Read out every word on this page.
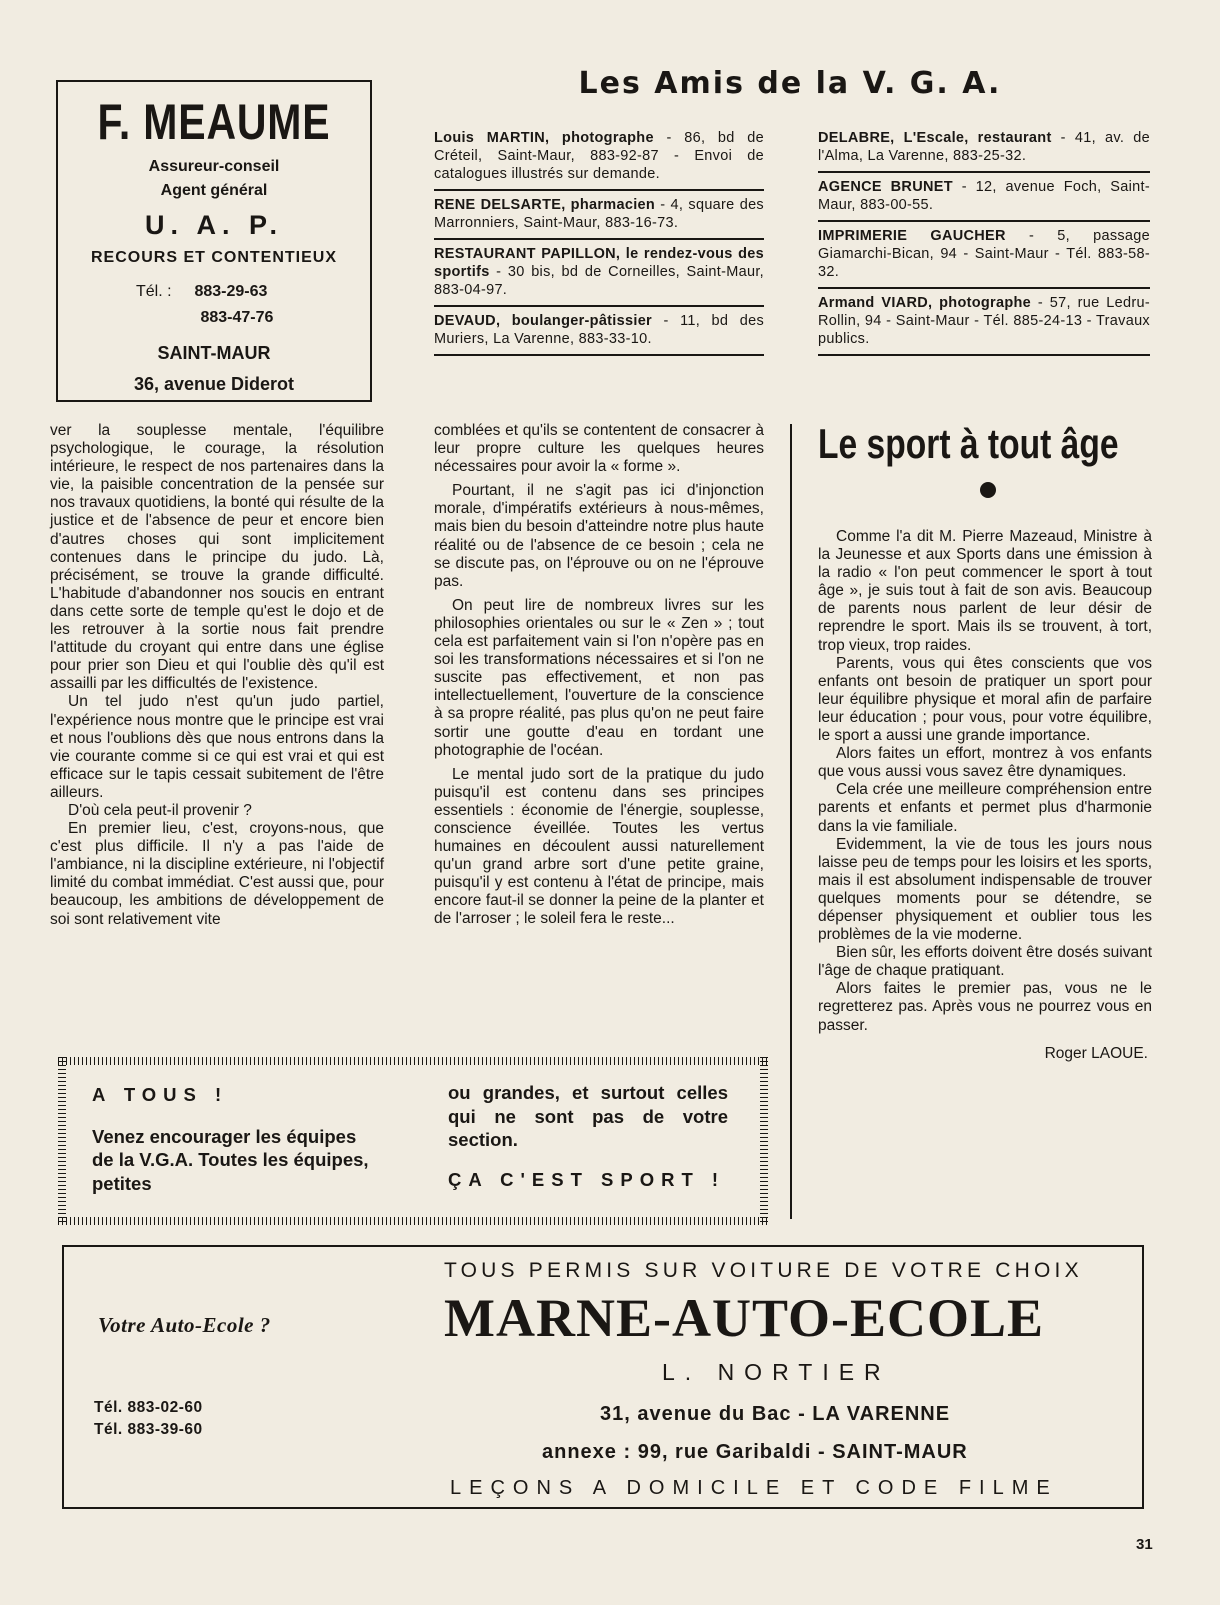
F. MEAUME
Assureur-conseil
Agent général
U. A. P.
RECOURS ET CONTENTIEUX
Tél. : 883-29-63
883-47-76
SAINT-MAUR
36, avenue Diderot
Les Amis de la V. G. A.
Louis MARTIN, photographe - 86, bd de Créteil, Saint-Maur, 883-92-87 - Envoi de catalogues illustrés sur demande.
RENE DELSARTE, pharmacien - 4, square des Marronniers, Saint-Maur, 883-16-73.
RESTAURANT PAPILLON, le rendez-vous des sportifs - 30 bis, bd de Corneilles, Saint-Maur, 883-04-97.
DEVAUD, boulanger-pâtissier - 11, bd des Muriers, La Varenne, 883-33-10.
DELABRE, L'Escale, restaurant - 41, av. de l'Alma, La Varenne, 883-25-32.
AGENCE BRUNET - 12, avenue Foch, Saint-Maur, 883-00-55.
IMPRIMERIE GAUCHER - 5, passage Giamarchi-Bican, 94 - Saint-Maur - Tél. 883-58-32.
Armand VIARD, photographe - 57, rue Ledru-Rollin, 94 - Saint-Maur - Tél. 885-24-13 - Travaux publics.

ver la souplesse mentale, l'équilibre psychologique, le courage, la résolution intérieure, le respect de nos partenaires dans la vie, la paisible concentration de la pensée sur nos travaux quotidiens, la bonté qui résulte de la justice et de l'absence de peur et encore bien d'autres choses qui sont implicitement contenues dans le principe du judo. Là, précisément, se trouve la grande difficulté. L'habitude d'abandonner nos soucis en entrant dans cette sorte de temple qu'est le dojo et de les retrouver à la sortie nous fait prendre l'attitude du croyant qui entre dans une église pour prier son Dieu et qui l'oublie dès qu'il est assailli par les difficultés de l'existence.

Un tel judo n'est qu'un judo partiel, l'expérience nous montre que le principe est vrai et nous l'oublions dès que nous entrons dans la vie courante comme si ce qui est vrai et qui est efficace sur le tapis cessait subitement de l'être ailleurs.

D'où cela peut-il provenir ?

En premier lieu, c'est, croyons-nous, que c'est plus difficile. Il n'y a pas l'aide de l'ambiance, ni la discipline extérieure, ni l'objectif limité du combat immédiat. C'est aussi que, pour beaucoup, les ambitions de développement de soi sont relativement vite

comblées et qu'ils se contentent de consacrer à leur propre culture les quelques heures nécessaires pour avoir la « forme ».

Pourtant, il ne s'agit pas ici d'injonction morale, d'impératifs extérieurs à nous-mêmes, mais bien du besoin d'atteindre notre plus haute réalité ou de l'absence de ce besoin ; cela ne se discute pas, on l'éprouve ou on ne l'éprouve pas.

On peut lire de nombreux livres sur les philosophies orientales ou sur le « Zen » ; tout cela est parfaitement vain si l'on n'opère pas en soi les transformations nécessaires et si l'on ne suscite pas effectivement, et non pas intellectuellement, l'ouverture de la conscience à sa propre réalité, pas plus qu'on ne peut faire sortir une goutte d'eau en tordant une photographie de l'océan.

Le mental judo sort de la pratique du judo puisqu'il est contenu dans ses principes essentiels : économie de l'énergie, souplesse, conscience éveillée. Toutes les vertus humaines en découlent aussi naturellement qu'un grand arbre sort d'une petite graine, puisqu'il y est contenu à l'état de principe, mais encore faut-il se donner la peine de la planter et de l'arroser ; le soleil fera le reste...

Le sport à tout âge

Comme l'a dit M. Pierre Mazeaud, Ministre à la Jeunesse et aux Sports dans une émission à la radio « l'on peut commencer le sport à tout âge », je suis tout à fait de son avis. Beaucoup de parents nous parlent de leur désir de reprendre le sport. Mais ils se trouvent, à tort, trop vieux, trop raides.

Parents, vous qui êtes conscients que vos enfants ont besoin de pratiquer un sport pour leur équilibre physique et moral afin de parfaire leur éducation ; pour vous, pour votre équilibre, le sport a aussi une grande importance.

Alors faites un effort, montrez à vos enfants que vous aussi vous savez être dynamiques.

Cela crée une meilleure compréhension entre parents et enfants et permet plus d'harmonie dans la vie familiale.

Evidemment, la vie de tous les jours nous laisse peu de temps pour les loisirs et les sports, mais il est absolument indispensable de trouver quelques moments pour se détendre, se dépenser physiquement et oublier tous les problèmes de la vie moderne.

Bien sûr, les efforts doivent être dosés suivant l'âge de chaque pratiquant.

Alors faites le premier pas, vous ne le regretterez pas. Après vous ne pourrez vous en passer.

Roger LAOUE.
A TOUS !
Venez encourager les équipes de la V.G.A. Toutes les équipes, petites
ou grandes, et surtout celles qui ne sont pas de votre section.
ÇA C'EST SPORT !
Votre Auto-Ecole ?
Tél. 883-02-60
Tél. 883-39-60
TOUS PERMIS SUR VOITURE DE VOTRE CHOIX
MARNE-AUTO-ECOLE
L. NORTIER
31, avenue du Bac - LA VARENNE
annexe : 99, rue Garibaldi - SAINT-MAUR
LEÇONS A DOMICILE ET CODE FILME
31
